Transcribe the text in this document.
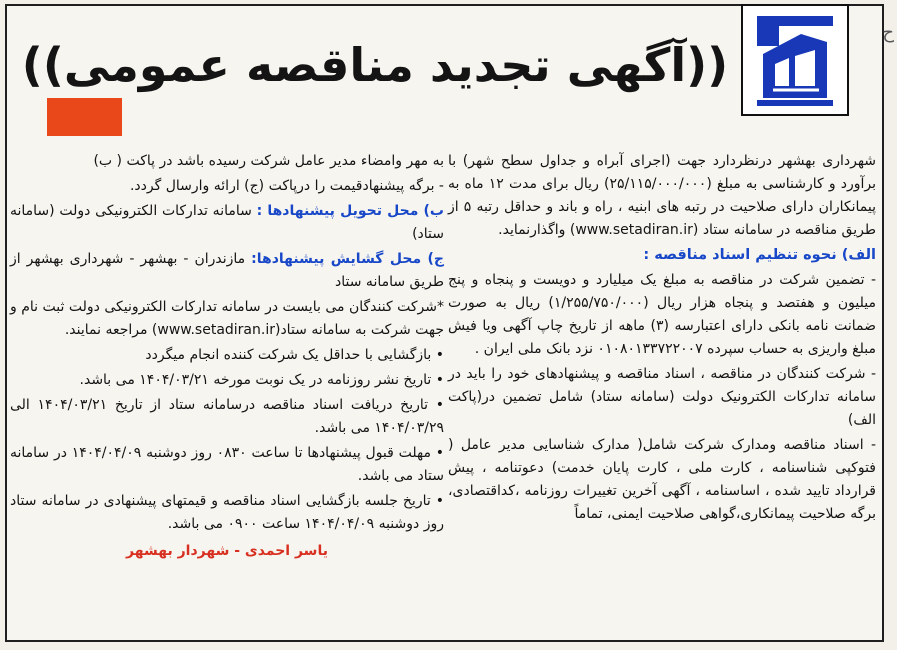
ح
((آگهی تجدید مناقصه عمومی))

شهرداری بهشهر درنظردارد جهت (اجرای آبراه و جداول سطح شهر) با برآورد و کارشناسی به مبلغ (۲۵/۱۱۵/۰۰۰/۰۰۰) ریال برای مدت ۱۲ ماه به پیمانکاران دارای صلاحیت در رتبه های ابنیه ، راه و باند و حداقل رتبه ۵ از طریق مناقصه در سامانه ستاد (www.setadiran.ir) واگذارنماید.

الف) نحوه تنظیم اسناد مناقصه :

- تضمین شرکت در مناقصه به مبلغ یک میلیارد و دویست و پنجاه و پنج میلیون و هفتصد و پنجاه هزار ریال (۱/۲۵۵/۷۵۰/۰۰۰) ریال به صورت ضمانت نامه بانکی دارای اعتبارسه (۳) ماهه از تاریخ چاپ آگهی ویا فیش مبلغ واریزی به حساب سپرده ۰۱۰۸۰۱۳۳۷۲۲۰۰۷ نزد بانک ملی ایران .

- شرکت کنندگان در مناقصه ، اسناد مناقصه و پیشنهادهای خود را باید در سامانه تدارکات الکترونیک دولت (سامانه ستاد) شامل تضمین در(پاکت الف)

- اسناد مناقصه ومدارک شرکت شامل( مدارک شناسایی مدیر عامل ( فتوکپی شناسنامه ، کارت ملی ، کارت پایان خدمت) دعوتنامه ، پیش قرارداد تایید شده ، اساسنامه ، آگهی آخرین تغییرات روزنامه ،کداقتصادی، برگه صلاحیت پیمانکاری،گواهی صلاحیت ایمنی، تماماً

به مهر وامضاء مدیر عامل شرکت رسیده باشد در پاکت ( ب)

- برگه پیشنهادقیمت را درپاکت (ج) ارائه وارسال گردد.

ب) محل تحویل پیشنهادها : سامانه تدارکات الکترونیکی دولت (سامانه ستاد)

ج) محل گشایش پیشنهادها: مازندران - بهشهر - شهرداری بهشهر از طریق سامانه ستاد

*شرکت کنندگان می بایست در سامانه تدارکات الکترونیکی دولت ثبت نام و جهت شرکت به سامانه ستاد(www.setadiran.ir) مراجعه نمایند.

• بازگشایی با حداقل یک شرکت کننده انجام میگردد

• تاریخ نشر روزنامه در یک نوبت مورخه ۱۴۰۴/۰۳/۲۱ می باشد.

• تاریخ دریافت اسناد مناقصه درسامانه ستاد از تاریخ ۱۴۰۴/۰۳/۲۱ الی ۱۴۰۴/۰۳/۲۹ می باشد.

• مهلت قبول پیشنهادها تا ساعت ۰۸۳۰ روز دوشنبه ۱۴۰۴/۰۴/۰۹ در سامانه ستاد می باشد.

• تاریخ جلسه بازگشایی اسناد مناقصه و قیمتهای پیشنهادی در سامانه ستاد روز دوشنبه ۱۴۰۴/۰۴/۰۹ ساعت ۰۹۰۰ می باشد.

یاسر احمدی - شهردار بهشهر
